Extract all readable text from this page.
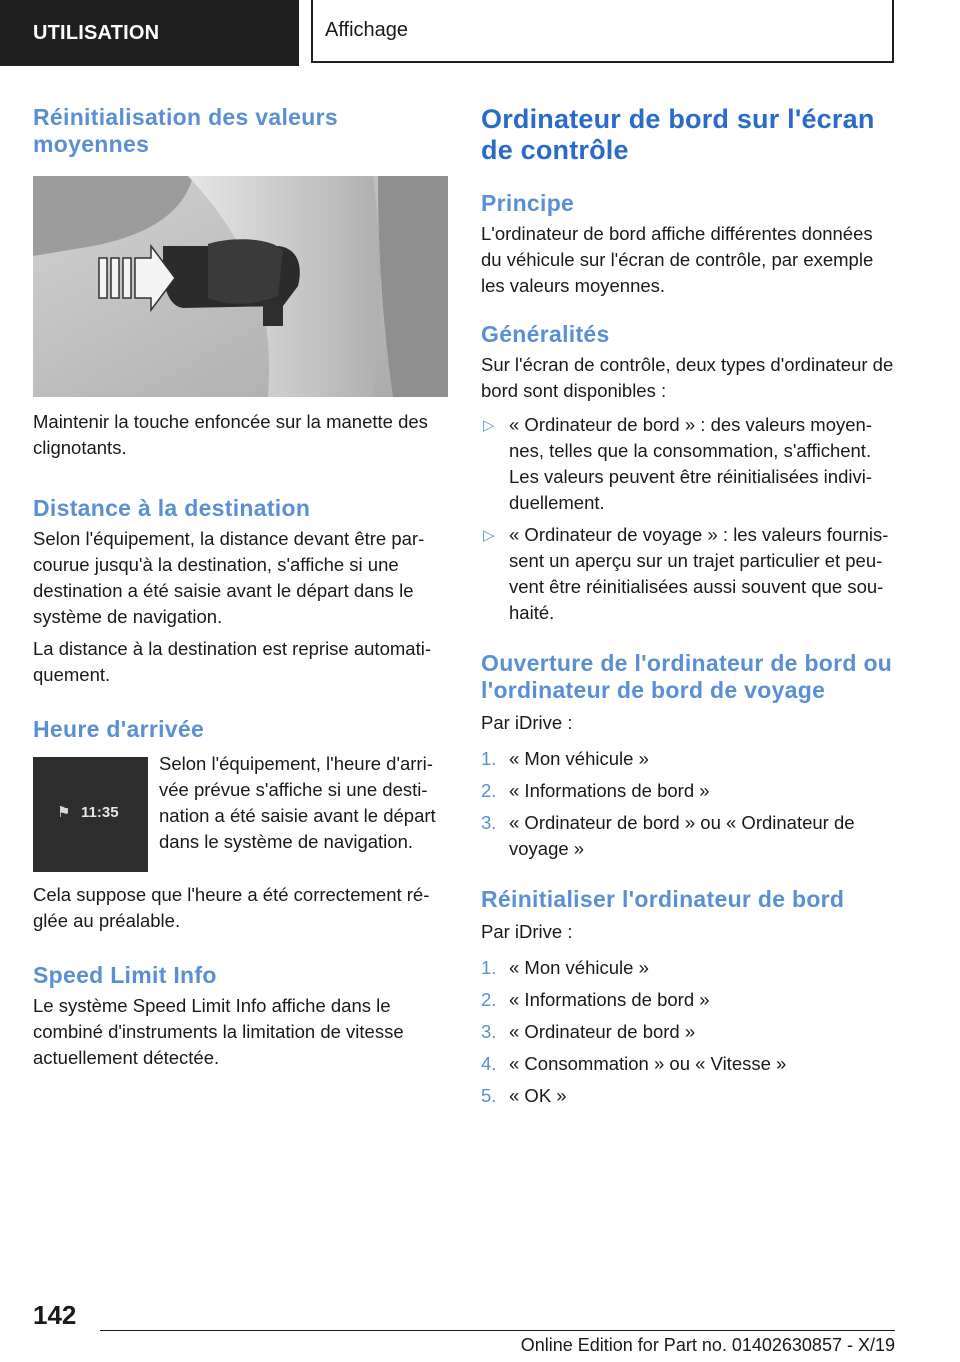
UTILISATION	Affichage
Réinitialisation des valeurs moyennes

Maintenir la touche enfoncée sur la manette des clignotants.

Distance à la destination

Selon l'équipement, la distance devant être par-courue jusqu'à la destination, s'affiche si une destination a été saisie avant le départ dans le système de navigation.

La distance à la destination est reprise automati-quement.

Heure d'arrivée
⚑ 11:35

Selon l'équipement, l'heure d'arri-vée prévue s'affiche si une desti-nation a été saisie avant le départ dans le système de navigation.

Cela suppose que l'heure a été correctement ré-glée au préalable.

Speed Limit Info

Le système Speed Limit Info affiche dans le combiné d'instruments la limitation de vitesse actuellement détectée.

Ordinateur de bord sur l'écran de contrôle
Principe

L'ordinateur de bord affiche différentes données du véhicule sur l'écran de contrôle, par exemple les valeurs moyennes.

Généralités

Sur l'écran de contrôle, deux types d'ordinateur de bord sont disponibles :

▷ « Ordinateur de bord » : des valeurs moyen-nes, telles que la consommation, s'affichent. Les valeurs peuvent être réinitialisées indivi-duellement.
▷ « Ordinateur de voyage » : les valeurs fournis-sent un aperçu sur un trajet particulier et peu-vent être réinitialisées aussi souvent que sou-haité.
Ouverture de l'ordinateur de bord ou l'ordinateur de bord de voyage

Par iDrive :

1. « Mon véhicule »
2. « Informations de bord »
3. « Ordinateur de bord » ou « Ordinateur de voyage »
Réinitialiser l'ordinateur de bord

Par iDrive :

1. « Mon véhicule »
2. « Informations de bord »
3. « Ordinateur de bord »
4. « Consommation » ou « Vitesse »
5. « OK »
142
Online Edition for Part no. 01402630857 - X/19
